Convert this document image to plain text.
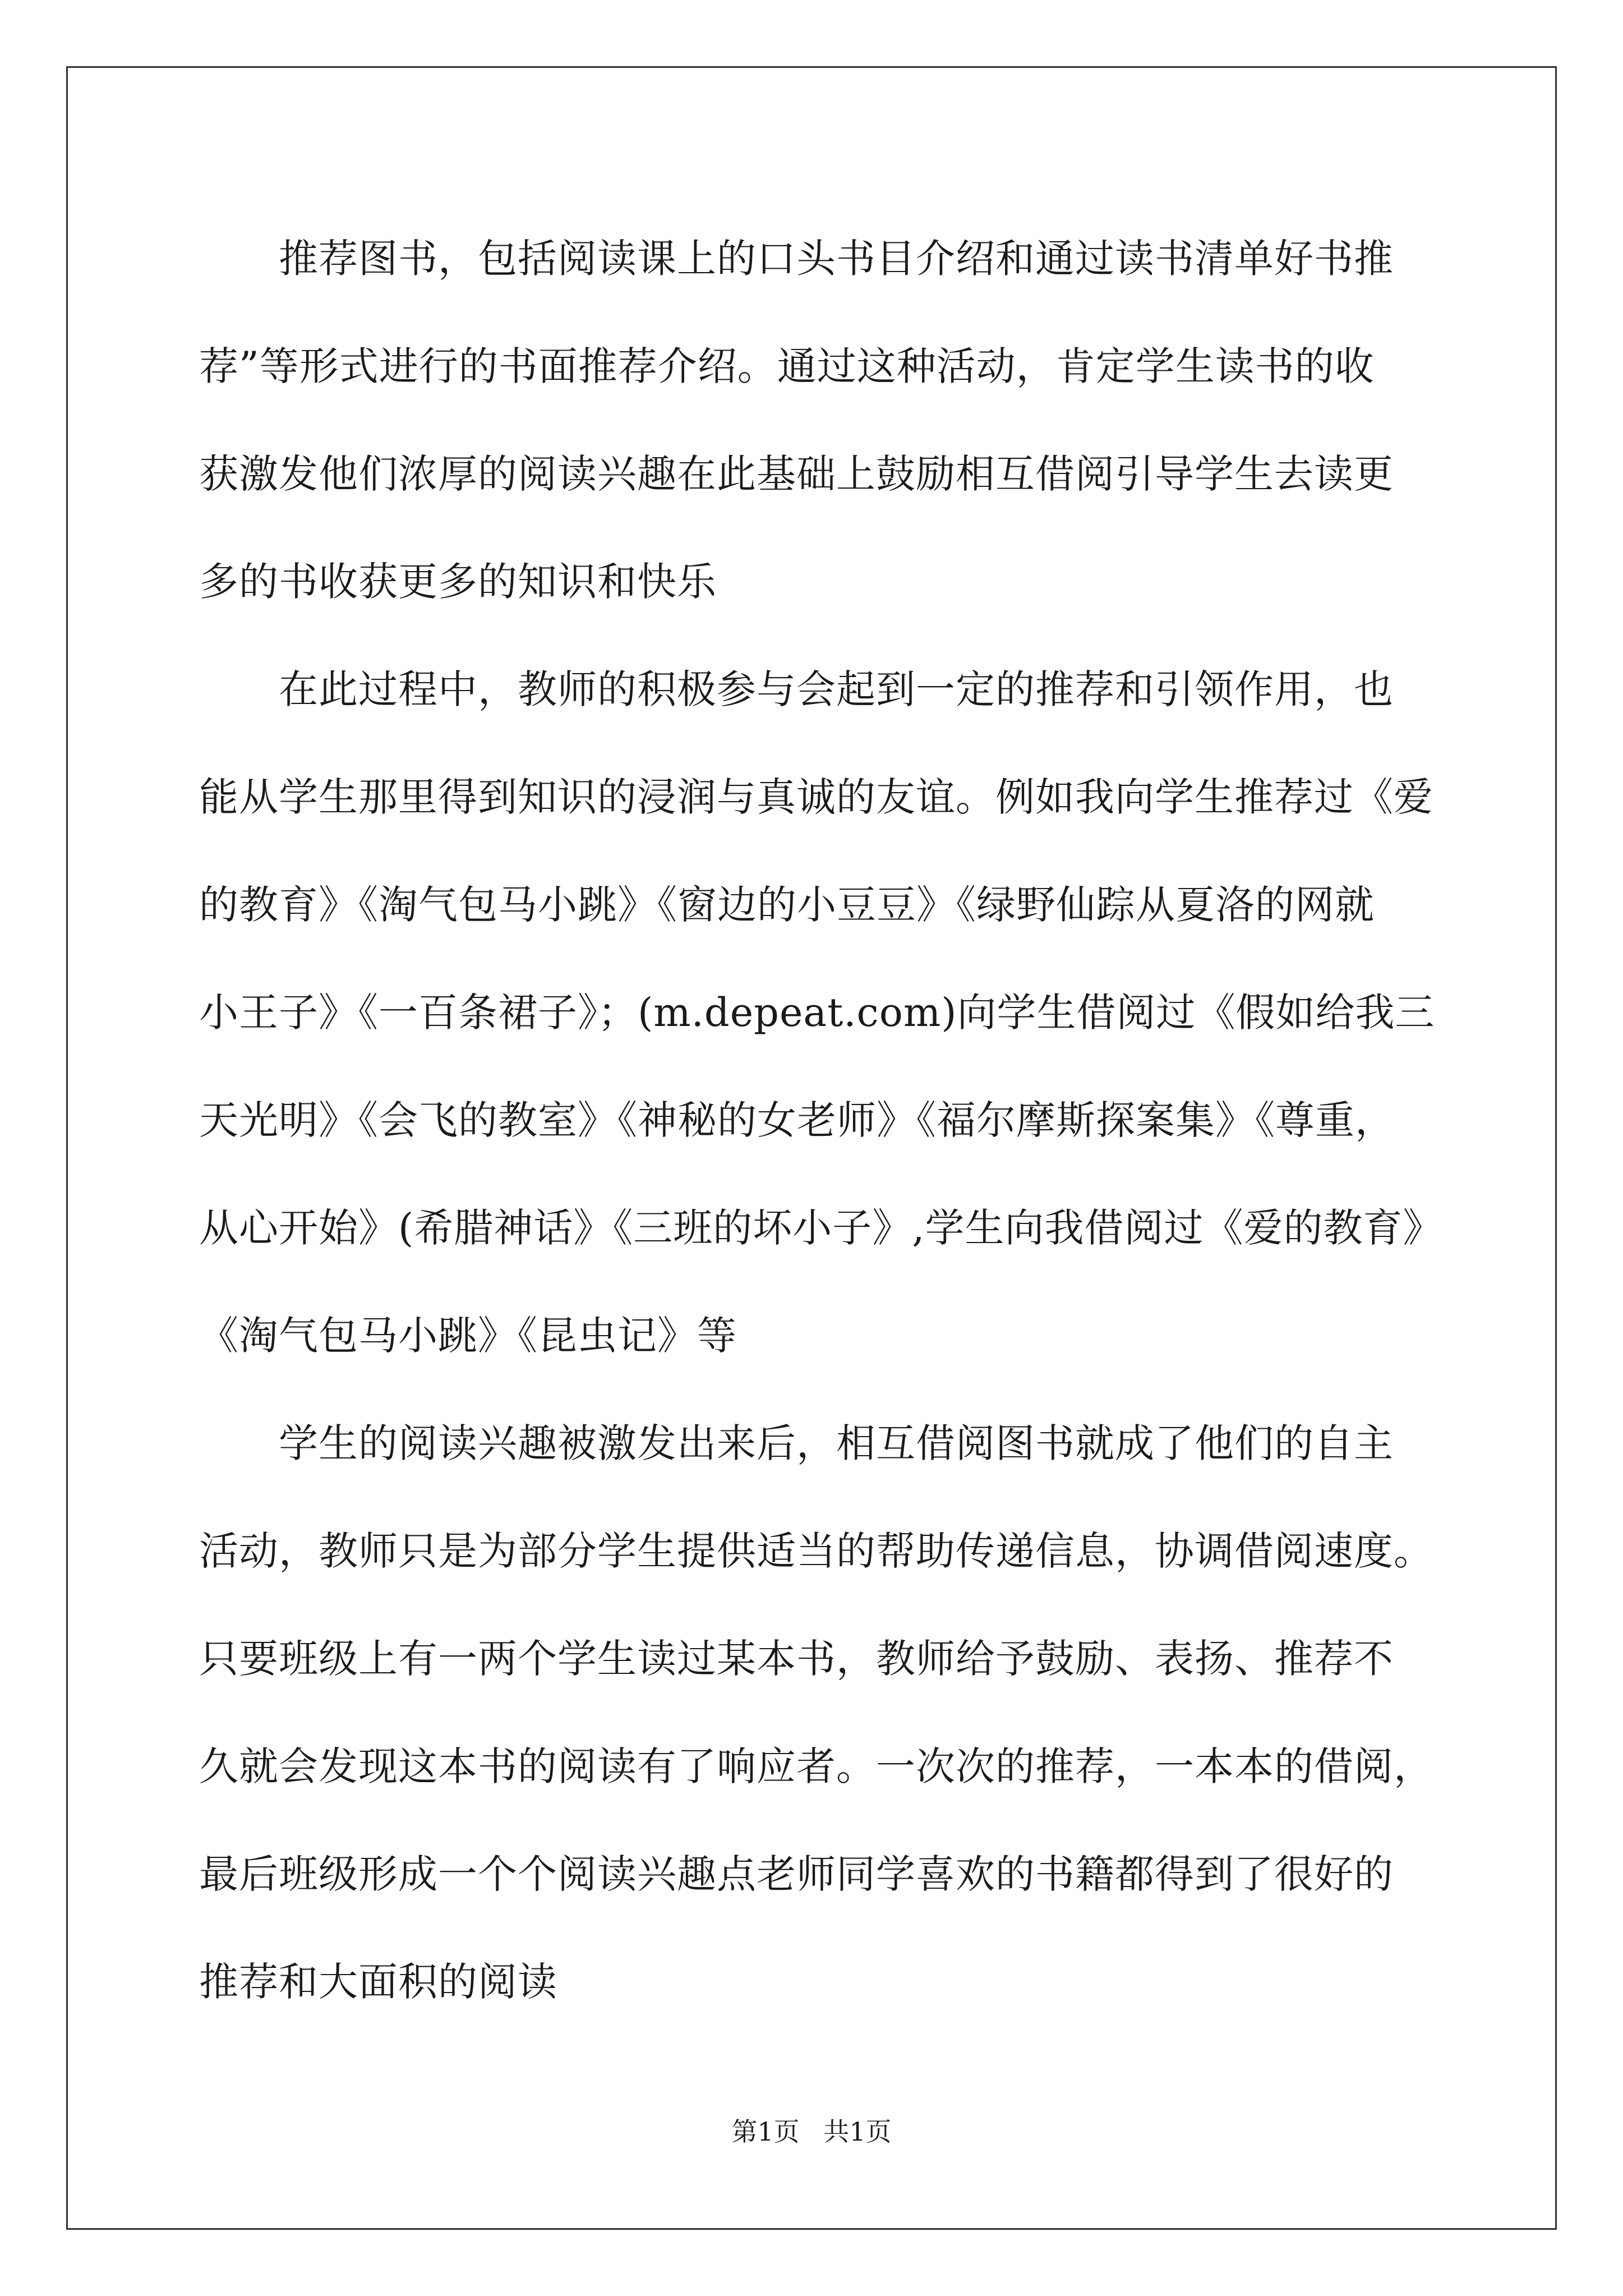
　　推荐图书，包括阅读课上的口头书目介绍和通过读书清单好书推
荐”等形式进行的书面推荐介绍。通过这种活动，肯定学生读书的收
获激发他们浓厚的阅读兴趣在此基础上鼓励相互借阅引导学生去读更
多的书收获更多的知识和快乐
　　在此过程中，教师的积极参与会起到一定的推荐和引领作用，也
能从学生那里得到知识的浸润与真诚的友谊。例如我向学生推荐过《爱
的教育》《淘气包马小跳》《窗边的小豆豆》《绿野仙踪从夏洛的网就
小王子》《一百条裙子》；(m.depeat.com)向学生借阅过《假如给我三
天光明》《会飞的教室》《神秘的女老师》《福尔摩斯探案集》《尊重，
从心开始》(希腊神话》《三班的坏小子》,学生向我借阅过《爱的教育》
《淘气包马小跳》《昆虫记》等
　　学生的阅读兴趣被激发出来后，相互借阅图书就成了他们的自主
活动，教师只是为部分学生提供适当的帮助传递信息，协调借阅速度。
只要班级上有一两个学生读过某本书，教师给予鼓励、表扬、推荐不
久就会发现这本书的阅读有了响应者。一次次的推荐，一本本的借阅，
最后班级形成一个个阅读兴趣点老师同学喜欢的书籍都得到了很好的
推荐和大面积的阅读
第1页 共1页
